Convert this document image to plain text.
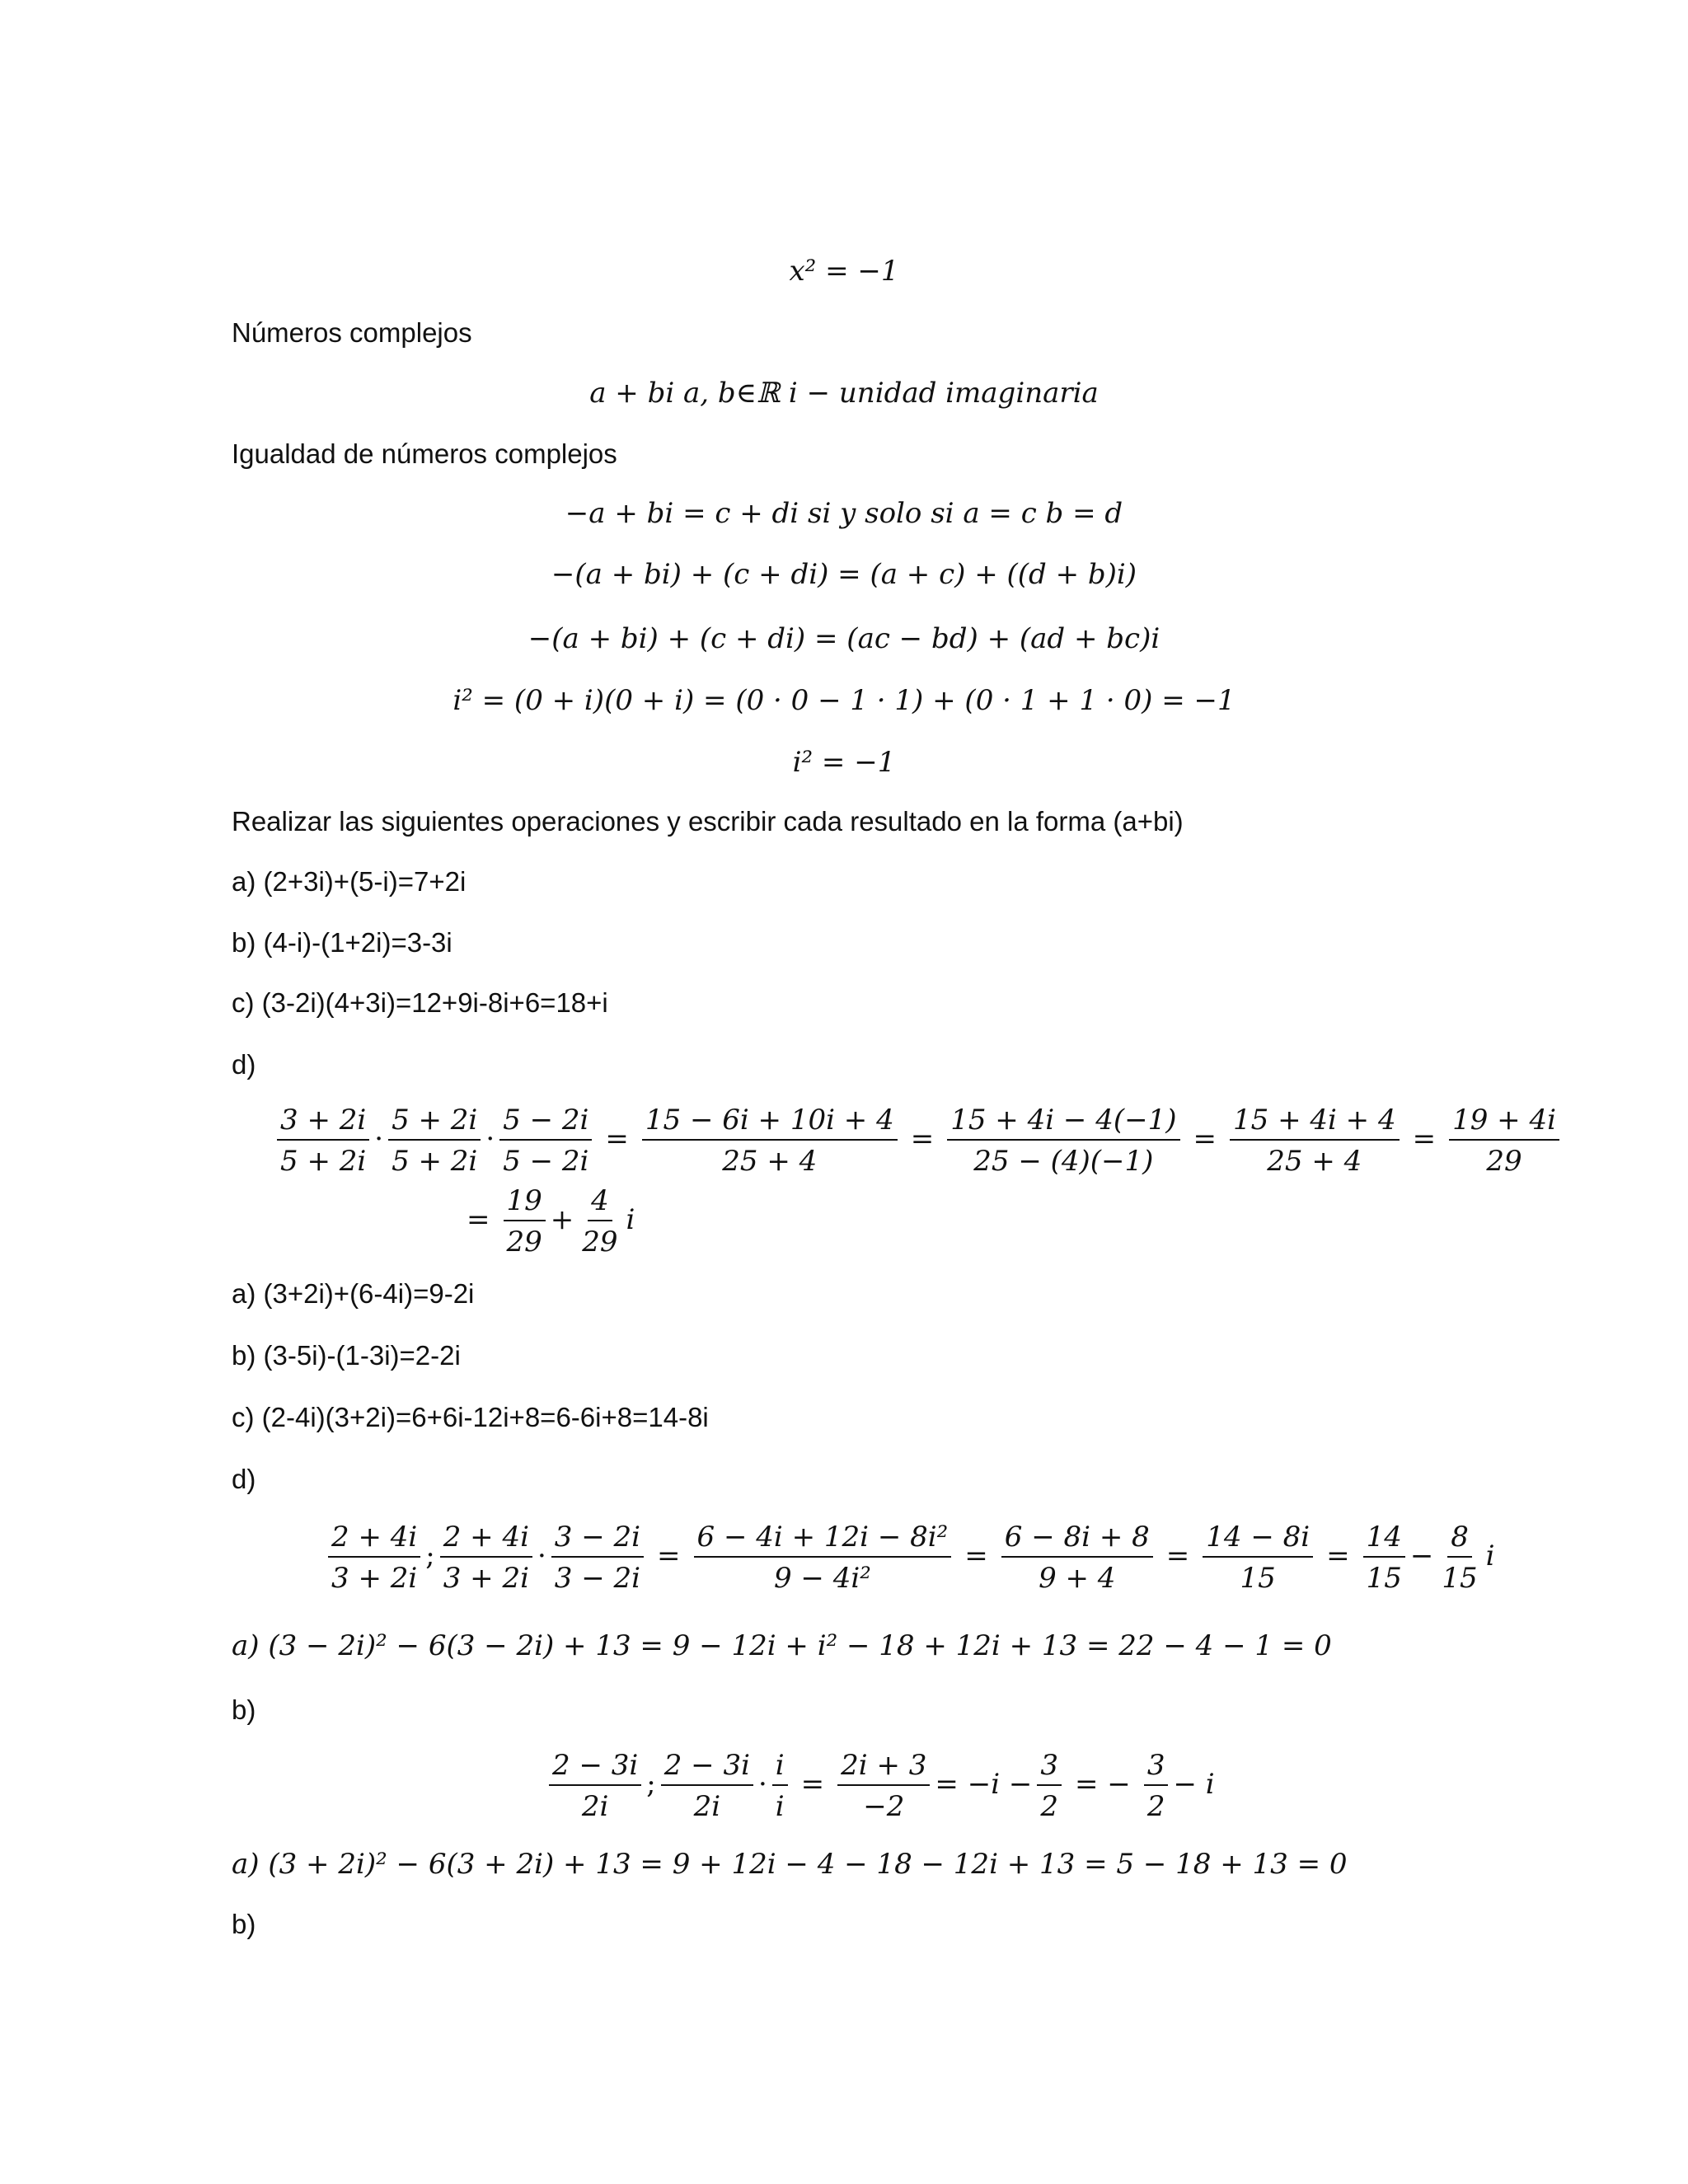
x² = −1
Números complejos
a + bi a, b∈ℝ i − unidad imaginaria
Igualdad de números complejos
−a + bi = c + di si y solo si a = c b = d
−(a + bi) + (c + di) = (a + c) + ((d + b)i)
−(a + bi) + (c + di) = (ac − bd) + (ad + bc)i
i² = (0 + i)(0 + i) = (0 · 0 − 1 · 1) + (0 · 1 + 1 · 0) = −1
i² = −1
Realizar las siguientes operaciones y escribir cada resultado en la forma (a+bi)
a) (2+3i)+(5-i)=7+2i
b) (4-i)-(1+2i)=3-3i
c) (3-2i)(4+3i)=12+9i-8i+6=18+i
d)
$\frac{3 + 2i}{5 + 2i} \cdot \frac{5 + 2i}{5 + 2i} \cdot \frac{5 - 2i}{5 - 2i} = \frac{15 - 6i + 10i + 4}{25 + 4} = \frac{15 + 4i - 4(-1)}{25 - (4)(-1)} = \frac{15 + 4i + 4}{25 + 4} = \frac{19 + 4i}{29}$
= $\frac{19}{29} + \frac{4}{29}$ i
a) (3+2i)+(6-4i)=9-2i
b) (3-5i)-(1-3i)=2-2i
c) (2-4i)(3+2i)=6+6i-12i+8=6-6i+8=14-8i
d)
$\frac{2 + 4i}{3 + 2i}$ ; $\frac{2 + 4i}{3 + 2i} \cdot \frac{3 - 2i}{3 - 2i} = \frac{\text{6 − 4i + 12i − 8i²}}{\text{9 − 4i²}} = \frac{6 - 8i + 8}{9 + 4} = \frac{14 - 8i}{15} = \frac{14}{15} - \frac{8}{15}$ i
a) (3 − 2i)² − 6(3 − 2i) + 13 = 9 − 12i + i² − 18 + 12i + 13 = 22 − 4 − 1 = 0
b)
$\frac{2 - 3i}{2i}$ ; $\frac{2 - 3i}{2i} \cdot \frac{i}{i} = \frac{2i + 3}{-2} = -i - \frac{3}{2}$ = − $\frac{3}{2} - i$
a) (3 + 2i)² − 6(3 + 2i) + 13 = 9 + 12i − 4 − 18 − 12i + 13 = 5 − 18 + 13 = 0
b)
